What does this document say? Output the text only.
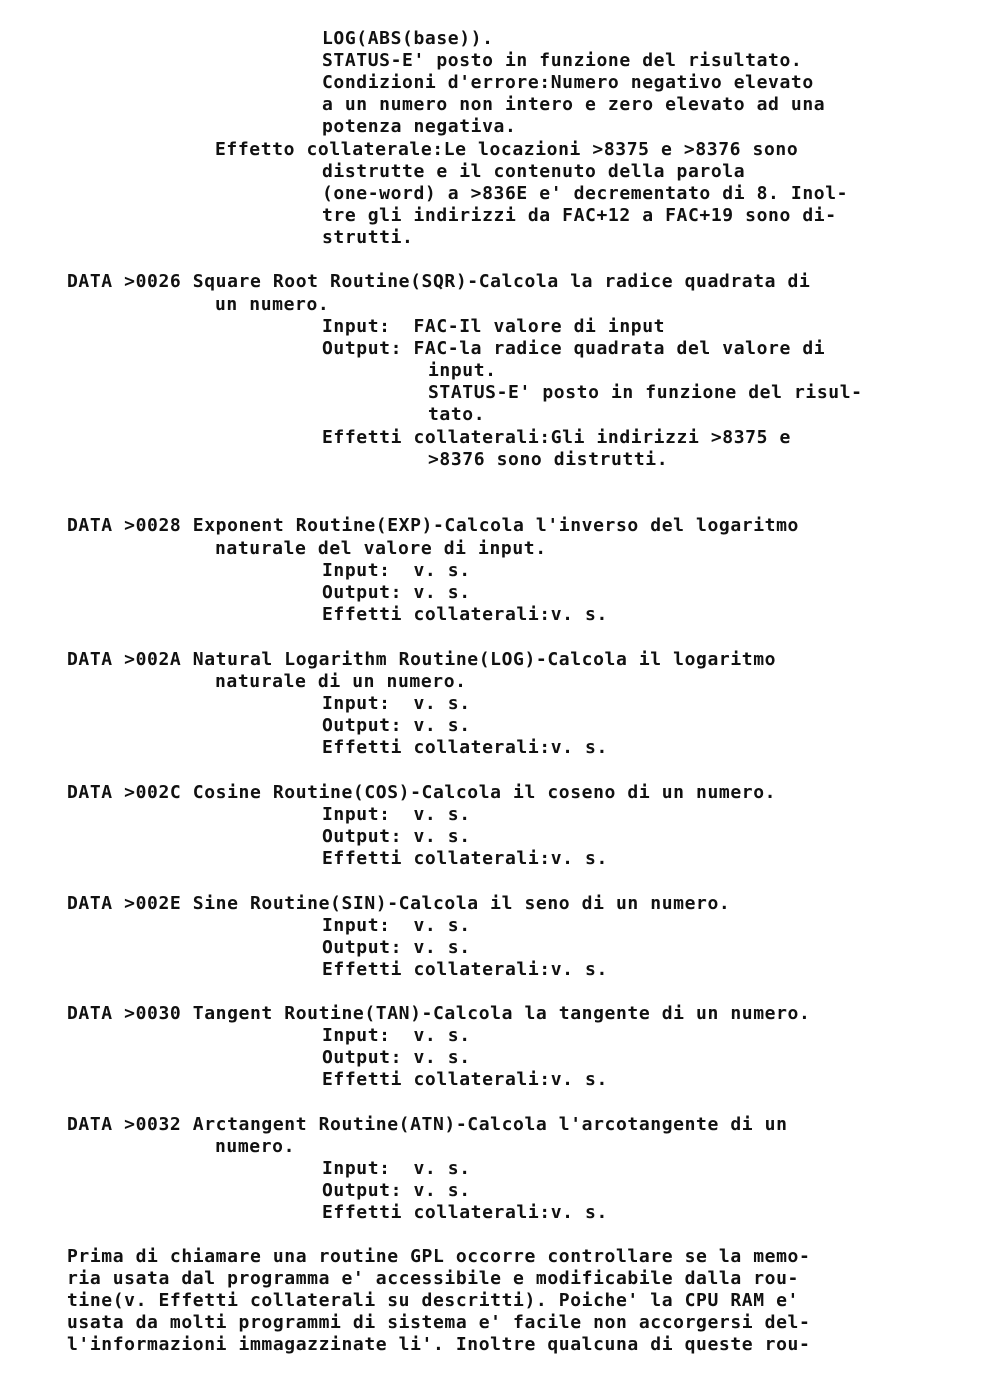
LOG(ABS(base)).
STATUS-E' posto in funzione del risultato.
Condizioni d'errore:Numero negativo elevato
a un numero non intero e zero elevato ad una
potenza negativa.
Effetto collaterale:Le locazioni >8375 e >8376 sono
distrutte e il contenuto della parola
(one-word) a >836E e' decrementato di 8. Inol-
tre gli indirizzi da FAC+12 a FAC+19 sono di-
strutti.
DATA >0026 Square Root Routine(SQR)-Calcola la radice quadrata di
un numero.
Input:  FAC-Il valore di input
Output: FAC-la radice quadrata del valore di
input.
STATUS-E' posto in funzione del risul-
tato.
Effetti collaterali:Gli indirizzi >8375 e
>8376 sono distrutti.
DATA >0028 Exponent Routine(EXP)-Calcola l'inverso del logaritmo
naturale del valore di input.
Input:  v. s.
Output: v. s.
Effetti collaterali:v. s.
DATA >002A Natural Logarithm Routine(LOG)-Calcola il logaritmo
naturale di un numero.
Input:  v. s.
Output: v. s.
Effetti collaterali:v. s.
DATA >002C Cosine Routine(COS)-Calcola il coseno di un numero.
Input:  v. s.
Output: v. s.
Effetti collaterali:v. s.
DATA >002E Sine Routine(SIN)-Calcola il seno di un numero.
Input:  v. s.
Output: v. s.
Effetti collaterali:v. s.
DATA >0030 Tangent Routine(TAN)-Calcola la tangente di un numero.
Input:  v. s.
Output: v. s.
Effetti collaterali:v. s.
DATA >0032 Arctangent Routine(ATN)-Calcola l'arcotangente di un
numero.
Input:  v. s.
Output: v. s.
Effetti collaterali:v. s.
Prima di chiamare una routine GPL occorre controllare se la memo-
ria usata dal programma e' accessibile e modificabile dalla rou-
tine(v. Effetti collaterali su descritti). Poiche' la CPU RAM e'
usata da molti programmi di sistema e' facile non accorgersi del-
l'informazioni immagazzinate li'. Inoltre qualcuna di queste rou-
